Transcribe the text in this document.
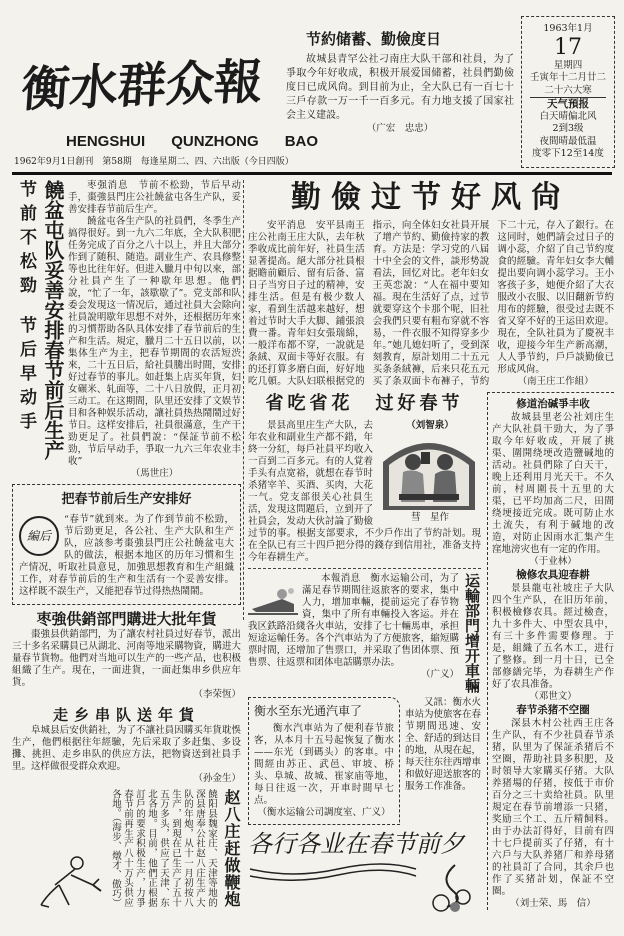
衡水群众報
HENGSHUI QUNZHONG BAO
1962年9月1日創刊　第58期　每逢星期二、四、六出版（今日四版）
节約储蓄、勤儉度日

故城县青罕公社刁南庄大队干部和社員，为了爭取今年好收成，积极开展爱国储蓄，社員們勤儉度日已成风尙。到目前为止，全大队已有一百七十三戶存款一万一千一百多元。有力地支援了国家社会主义建設。

（广宏　忠忠）
1963年1月
17
星期四
壬寅年十二月廿二
二十六大寒
天气預报
白天晴偏北风
2到3级
夜間晴最低温
度零下12至14度
节前不松勁
节后早动手 饒盆屯队妥善安排春节前后生产	枣强消息　节前不松勁，节后早动手，棗強县門庄公社饒盆屯各生产队，妥善安排春节前后生产。

饒盆屯各生产队的社員們，冬季生产搞得很好。到一九六二年底，全大队积肥任务完成了百分之八十以上，并且大部分作到了随积、随造。副业生产、农具修整等也比往年好。但进入臘月中旬以來，部分社員产生了一种歇年思想。他們說，“忙了一年，該歇歇了”。党支部和队委会发現这一情况后，通过社員大会除向社員說明歇年思想不对外，还根据历年來的习慣帮助各队具体安排了春节前后的生产和生活。規定，臘月二十五日以前，以集体生产为主，把春节期間的农活短渋來，二十五日后，給社員騰出时間，安排好过春节的事儿。如赶集上店买年貨，妇女碾米、轧面等，二十八日放假，正月初三动工。在这期間，队里还安排了文娱节目和各种娱乐活动，讓社員热热鬧鬧过好节日。这样安排后，社員很滿意，生产干勁更足了。社員們說：“保証节前不松勁，节后早动手，爭取一九六三年农业丰收”

（馬世庄）
把春节前后生产安排好
編后

“春节”就到來。为了作到节前不松勁，节后勁更足，各公社、生产大队和生产队，应該参考棗強县門庄公社饒盆屯大队的做法，根据本地区的历年习慣和生产情况，听取社員意見，加強思想教育和生产組織工作，对春节前后的生产和生活有一个妥善安排。这样既不誤生产，又能把春节过得热热鬧鬧。

枣強供銷部門購进大批年貨

棗強县供銷部門，为了讓农村社員过好春节，派出三十多名采購員已从湖北、河南等地采購物資，購进大量春节貨物。他們对当地可以生产的一些产品，也积极組織了生产。現在，一面进貨，一面赶集串乡供应年貨。

（李荣恆）
走乡串队送年貨

阜城县后安供銷社，为了不讓社員因購买年貨耽悞生产，他們根据往年經驗，先后采取了多赶集、多设攤、挑担、走乡串队的供应方法，把物資送到社員手里。这样做很受群众欢迎。

（孙金生）
饒阳县魏家庄、天津等地的深县唐奉公社赵八庄生产大队的年炮，从十一月初按八生产，到現在已生产了五十五万多头，供应了天津、东北各地。目前，他們正根据訂戶的要求积极生产，力爭春节前再生产八十万头供应各地。（海步、燉才、傲巧）	赵八庄赶做鞭炮
勤儉过节好风尙

安平消息　安平县南王庄公社南王庄大队，去年秋季收成比前年好，社員生活显著提高。絕大部分社員根据瞻前顧后、留有后备、富日子当穷日子过的精神，安排生活。但是有极少数人家，看到生活越来越好，想着过节时大手大脚、鋪張浪費一番。青年妇女張瑞綿，一般洋布都不穿，一說就是条絨、双面卡等好衣服。有的还打算多磨白面，好好地吃几頓。大队妇联根据党的指示，向全体妇女社員开展了增产节約、勤儉持家的教育。方法是：学习党的八届十中全会的文件，談形势說看法，回忆对比。老年妇女王英恋說：“人在福中要知福。現在生活好了点，过节就要穿这个卡那个呢，旧社会我們只要有粗布穿就不容易，一件衣服不知得穿多少年。”她儿媳妇听了，受到深刻教育，原計划用二十五元买条条絨褲，后来只花五元买了条双面卡布褲子，节約下二十元，存入了銀行。在这同时，她們請会过日子的调小蕊，介紹了自己节約度食的經驗。青年妇女李大輔提出要向调小蕊学习。王小客孩子多，她便介紹了大衣服改小衣服、以旧翻新节約用布的經驗，很受过去既不省又穿不好的王运田欢迎。現在，全队社員为了慶祝丰收，迎接今年生产新高潮，人人爭节約，戶戶談勤儉已形成风尙。

（南王庄工作組）
省吃省花　过好春节
（刘智泉）
彗　星作

景县高里庄生产大队，去年农业和副业生产都不錯，年終一分紅，每戶社員平均收入一百到二百多元。有的人覚着手头有点宽裕，就想在春节时杀猪宰羊、买酒、买肉，大花一气。党支部很关心社員生活，发現这問題后，立到开了社員会，发动大伙討論了勤儉过节的事。根据支部要求，不少戶作出了节約計划。現在全队已有三十四戶把分得的錢存到信用社，准备支持今年春耕生产。

本報消息　衡水运输公司，为了滿足春节期間往返旅客的要求，集中人力，增加車輛，提前运完了春节物資，集中了所有車輛投入客运。并在我区鉄路沿綫各火車站，安排了七十輛馬車，承担短途运輸任务。各个汽車站为了方便旅客，縮短購票时間，还增加了售票口，并采取了售团体票、預售票、往返票和团体电話購票办法。

（广义） 运輸部門增开車輛
衡水至东光通汽車了

衡水汽車站为了便利春节旅客，从本月十五号起恢复了衡水——东光（到碼头）的客車。中間經由苏正、武邑、审坡、桥头、阜城、故城、崔家庙等地，每日往返一次，开車时間早七点。

（衡水运输公司調度室、广义）

又訊：衡水火車站为使旅客在春节期間迅速、安全、舒适的到达目的地，从現在起，每天往东往西增車和做好迎送旅客的服务工作准备。

各行各业在春节前夕
修道治碱爭丰收

故城县里老公社刘庄生产大队社員干勁大，为了爭取今年好收成，开展了挑渠、圍開绕埂改造鹽碱地的活动。社員們除了白天干，晚上还利用月光天干。不久前，村周圍長十五里的大渠，已平均加高二尺，田間绕埂接近完成。既可防止水土流失，有利于碱地的改造，对防止因雨水汇集产生窪地滂灾也有一定的作用。

（于业林）
檢修农具迎春耕

景县龍屯社坡庄子大队四个生产队，在旧历年前，积极檢修农具。經过檢查，九十多件大、中型农具中，有三十多件需要修理。于是，組織了五名木工，进行了整修。到一月十日，已全部修繕完毕，为春耕生产作好了农具准备。

（邓世文）
春节杀猪不空圈

深县木村公社西王庄各生产队，有不少社員春节杀猪，队里为了保証杀猪后不空圈，帮助社員多积肥，及时領导大家購买仔猪。大队养猪場的仔猪，按低于市价百分之三十卖给社員。队里規定在春节前增添一只猪，奖励三个工、五斤精飼料。由于办法訂得好，目前有四十七戶提前买了仔猪，有十六戶与大队养猪厂和养母猪的社員訂了合同，其余戶也作了买猪計划，保証不空圈。

（刘士荣、馬　信）
